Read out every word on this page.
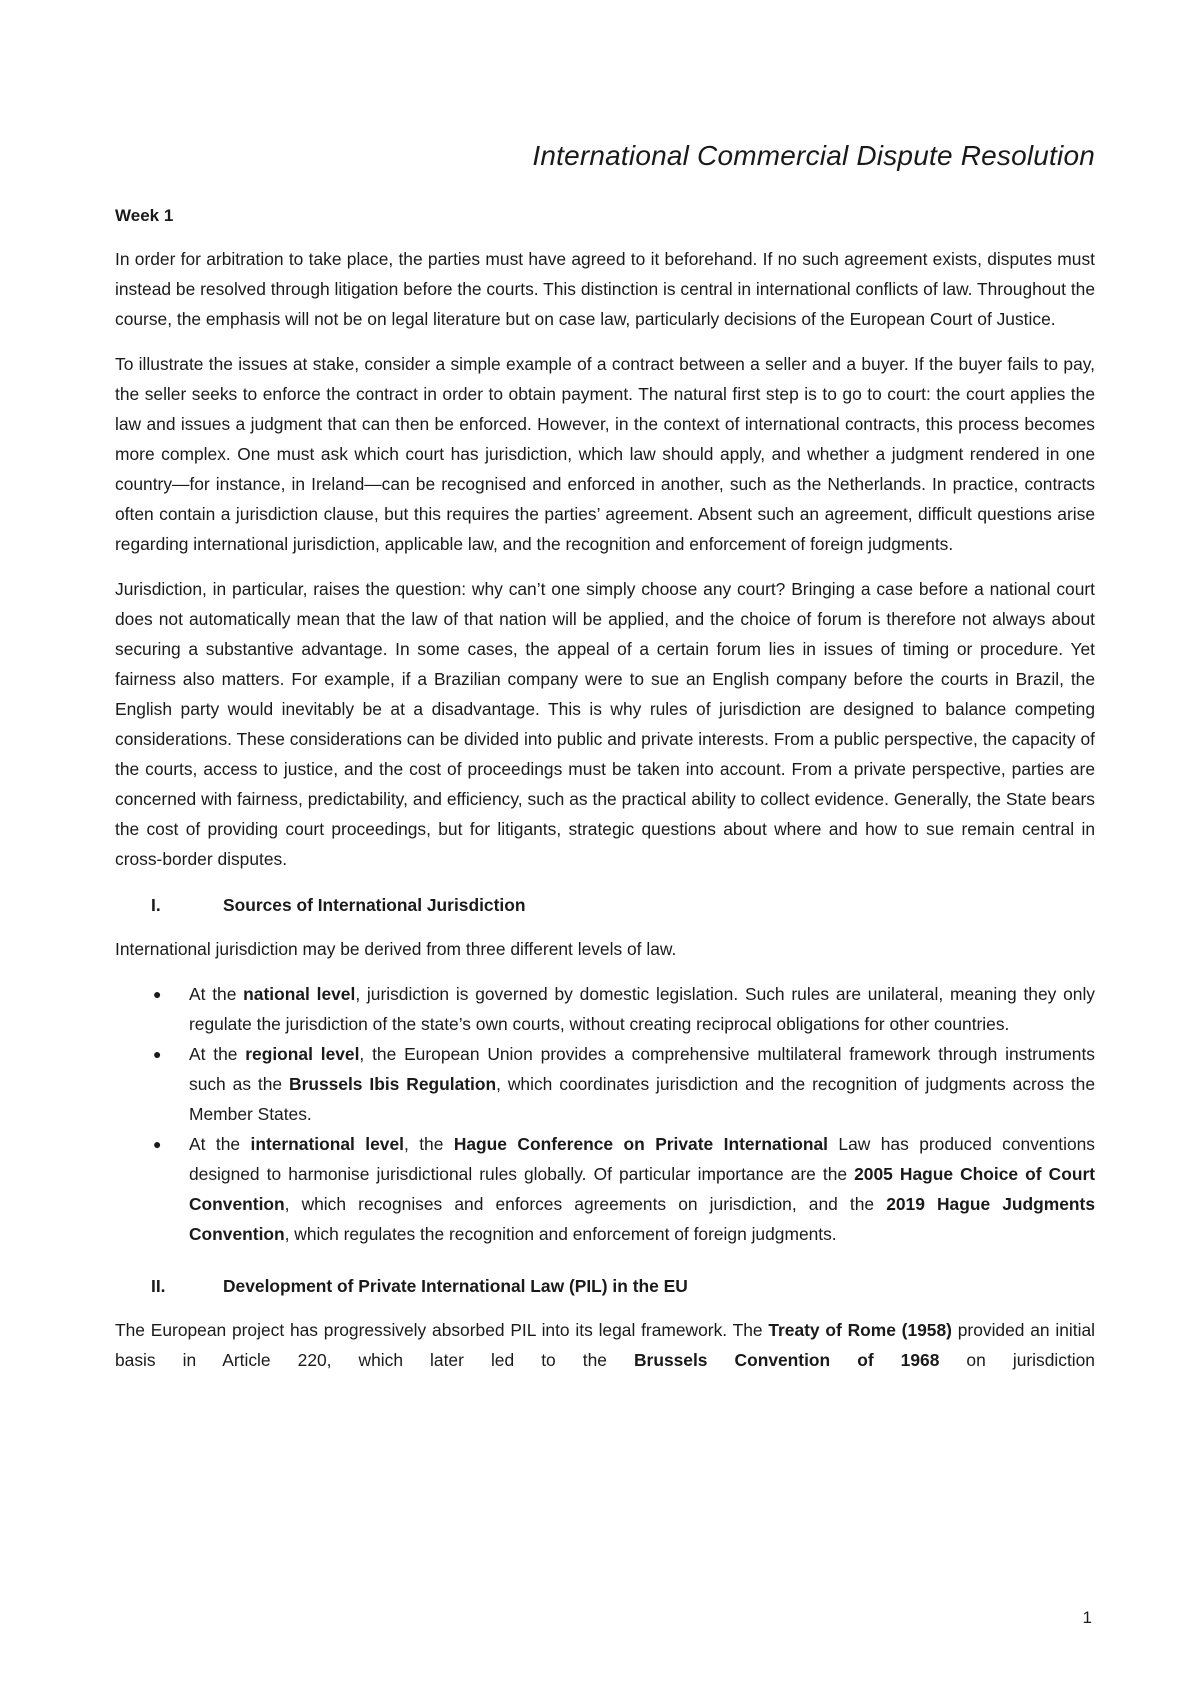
International Commercial Dispute Resolution
Week 1

In order for arbitration to take place, the parties must have agreed to it beforehand. If no such agreement exists, disputes must instead be resolved through litigation before the courts. This distinction is central in international conflicts of law. Throughout the course, the emphasis will not be on legal literature but on case law, particularly decisions of the European Court of Justice.

To illustrate the issues at stake, consider a simple example of a contract between a seller and a buyer. If the buyer fails to pay, the seller seeks to enforce the contract in order to obtain payment. The natural first step is to go to court: the court applies the law and issues a judgment that can then be enforced. However, in the context of international contracts, this process becomes more complex. One must ask which court has jurisdiction, which law should apply, and whether a judgment rendered in one country—for instance, in Ireland—can be recognised and enforced in another, such as the Netherlands. In practice, contracts often contain a jurisdiction clause, but this requires the parties’ agreement. Absent such an agreement, difficult questions arise regarding international jurisdiction, applicable law, and the recognition and enforcement of foreign judgments.

Jurisdiction, in particular, raises the question: why can’t one simply choose any court? Bringing a case before a national court does not automatically mean that the law of that nation will be applied, and the choice of forum is therefore not always about securing a substantive advantage. In some cases, the appeal of a certain forum lies in issues of timing or procedure. Yet fairness also matters. For example, if a Brazilian company were to sue an English company before the courts in Brazil, the English party would inevitably be at a disadvantage. This is why rules of jurisdiction are designed to balance competing considerations. These considerations can be divided into public and private interests. From a public perspective, the capacity of the courts, access to justice, and the cost of proceedings must be taken into account. From a private perspective, parties are concerned with fairness, predictability, and efficiency, such as the practical ability to collect evidence. Generally, the State bears the cost of providing court proceedings, but for litigants, strategic questions about where and how to sue remain central in cross-border disputes.

I.	Sources of International Jurisdiction

International jurisdiction may be derived from three different levels of law.

● At the national level, jurisdiction is governed by domestic legislation. Such rules are unilateral, meaning they only regulate the jurisdiction of the state’s own courts, without creating reciprocal obligations for other countries.
● At the regional level, the European Union provides a comprehensive multilateral framework through instruments such as the Brussels Ibis Regulation, which coordinates jurisdiction and the recognition of judgments across the Member States.
● At the international level, the Hague Conference on Private International Law has produced conventions designed to harmonise jurisdictional rules globally. Of particular importance are the 2005 Hague Choice of Court Convention, which recognises and enforces agreements on jurisdiction, and the 2019 Hague Judgments Convention, which regulates the recognition and enforcement of foreign judgments.
II.	Development of Private International Law (PIL) in the EU

The European project has progressively absorbed PIL into its legal framework. The Treaty of Rome (1958) provided an initial basis in Article 220, which later led to the Brussels Convention of 1968 on jurisdiction

1
